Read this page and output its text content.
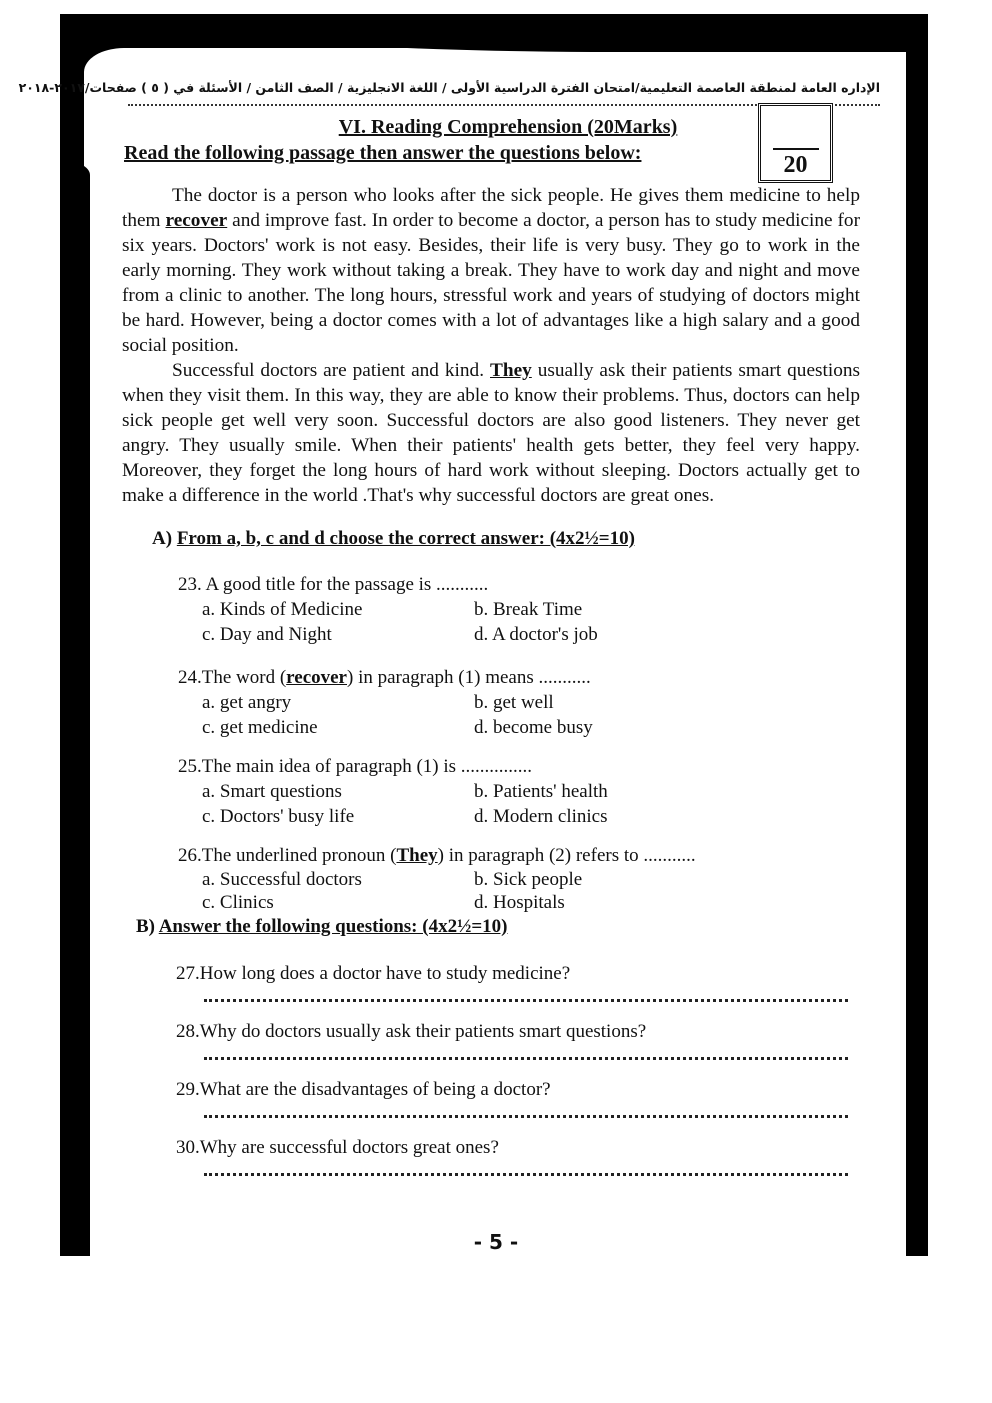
الإداره العامة لمنطقة العاصمة التعليمية/امتحان الفترة الدراسية الأولى / اللغة الانجليزية / الصف الثامن / الأسئلة في ( ٥ ) صفحات/٢٠١٧-٢٠١٨
20
VI. Reading Comprehension (20Marks)
Read the following passage then answer the questions below:

The doctor is a person who looks after the sick people. He gives them medicine to help them recover and improve fast. In order to become a doctor, a person has to study medicine for six years. Doctors' work is not easy. Besides, their life is very busy. They go to work in the early morning. They work without taking a break. They have to work day and night and move from a clinic to another. The long hours, stressful work and years of studying of doctors might be hard. However, being a doctor comes with a lot of advantages like a high salary and a good social position.

Successful doctors are patient and kind. They usually ask their patients smart questions when they visit them. In this way, they are able to know their problems. Thus, doctors can help sick people get well very soon. Successful doctors are also good listeners. They never get angry. They usually smile. When their patients' health gets better, they feel very happy. Moreover, they forget the long hours of hard work without sleeping. Doctors actually get to make a difference in the world .That's why successful doctors are great ones.

A) From a, b, c and d choose the correct answer: (4x2½=10)
23. A good title for the passage is ...........
a. Kinds of Medicine	b. Break Time
c. Day and Night	d. A doctor's job
24.The word (recover) in paragraph (1) means ...........
a. get angry	b. get well
c. get medicine	d. become busy
25.The main idea of paragraph (1) is ...............
a. Smart questions	b. Patients' health
c. Doctors' busy life	d. Modern clinics
26.The underlined pronoun (They) in paragraph (2) refers to ...........
a. Successful doctors	b. Sick people
c. Clinics	d. Hospitals
B) Answer the following questions: (4x2½=10)
27.How long does a doctor have to study medicine?
28.Why do doctors usually ask their patients smart questions?
29.What are the disadvantages of being a doctor?
30.Why are successful doctors great ones?
- 5 -
